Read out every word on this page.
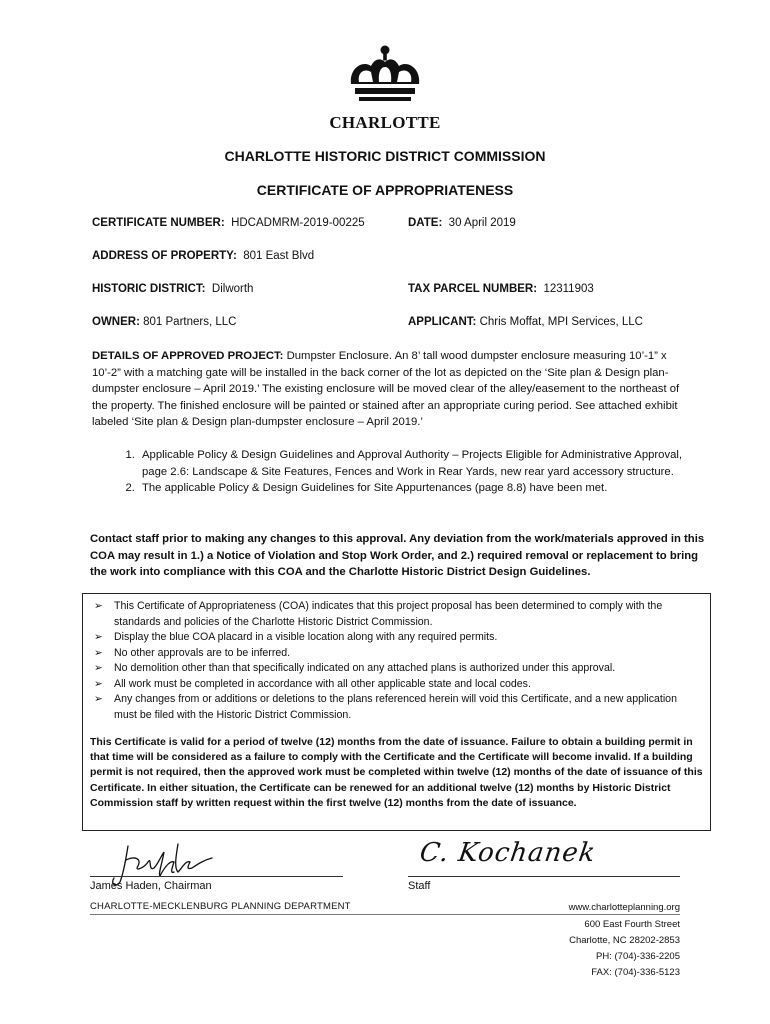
CHARLOTTE
CHARLOTTE HISTORIC DISTRICT COMMISSION
CERTIFICATE OF APPROPRIATENESS
CERTIFICATE NUMBER: HDCADMRM-2019-00225	DATE: 30 April 2019
ADDRESS OF PROPERTY: 801 East Blvd
HISTORIC DISTRICT: Dilworth	TAX PARCEL NUMBER: 12311903
OWNER: 801 Partners, LLC	APPLICANT: Chris Moffat, MPI Services, LLC
DETAILS OF APPROVED PROJECT: Dumpster Enclosure. An 8’ tall wood dumpster enclosure measuring 10’-1” x 10’-2” with a matching gate will be installed in the back corner of the lot as depicted on the ‘Site plan & Design plan-dumpster enclosure – April 2019.’ The existing enclosure will be moved clear of the alley/easement to the northeast of the property. The finished enclosure will be painted or stained after an appropriate curing period. See attached exhibit labeled ‘Site plan & Design plan-dumpster enclosure – April 2019.’
1. Applicable Policy & Design Guidelines and Approval Authority – Projects Eligible for Administrative Approval, page 2.6: Landscape & Site Features, Fences and Work in Rear Yards, new rear yard accessory structure.
2. The applicable Policy & Design Guidelines for Site Appurtenances (page 8.8) have been met.
Contact staff prior to making any changes to this approval. Any deviation from the work/materials approved in this COA may result in 1.) a Notice of Violation and Stop Work Order, and 2.) required removal or replacement to bring the work into compliance with this COA and the Charlotte Historic District Design Guidelines.
➢ This Certificate of Appropriateness (COA) indicates that this project proposal has been determined to comply with the standards and policies of the Charlotte Historic District Commission.
➢ Display the blue COA placard in a visible location along with any required permits.
➢ No other approvals are to be inferred.
➢ No demolition other than that specifically indicated on any attached plans is authorized under this approval.
➢ All work must be completed in accordance with all other applicable state and local codes.
➢ Any changes from or additions or deletions to the plans referenced herein will void this Certificate, and a new application must be filed with the Historic District Commission.
This Certificate is valid for a period of twelve (12) months from the date of issuance. Failure to obtain a building permit in that time will be considered as a failure to comply with the Certificate and the Certificate will become invalid. If a building permit is not required, then the approved work must be completed within twelve (12) months of the date of issuance of this Certificate. In either situation, the Certificate can be renewed for an additional twelve (12) months by Historic District Commission staff by written request within the first twelve (12) months from the date of issuance.
James Haden, Chairman
C. Kochanek
Staff
CHARLOTTE-MECKLENBURG PLANNING DEPARTMENT	www.charlotteplanning.org
600 East Fourth Street
Charlotte, NC 28202-2853
PH: (704)-336-2205
FAX: (704)-336-5123
